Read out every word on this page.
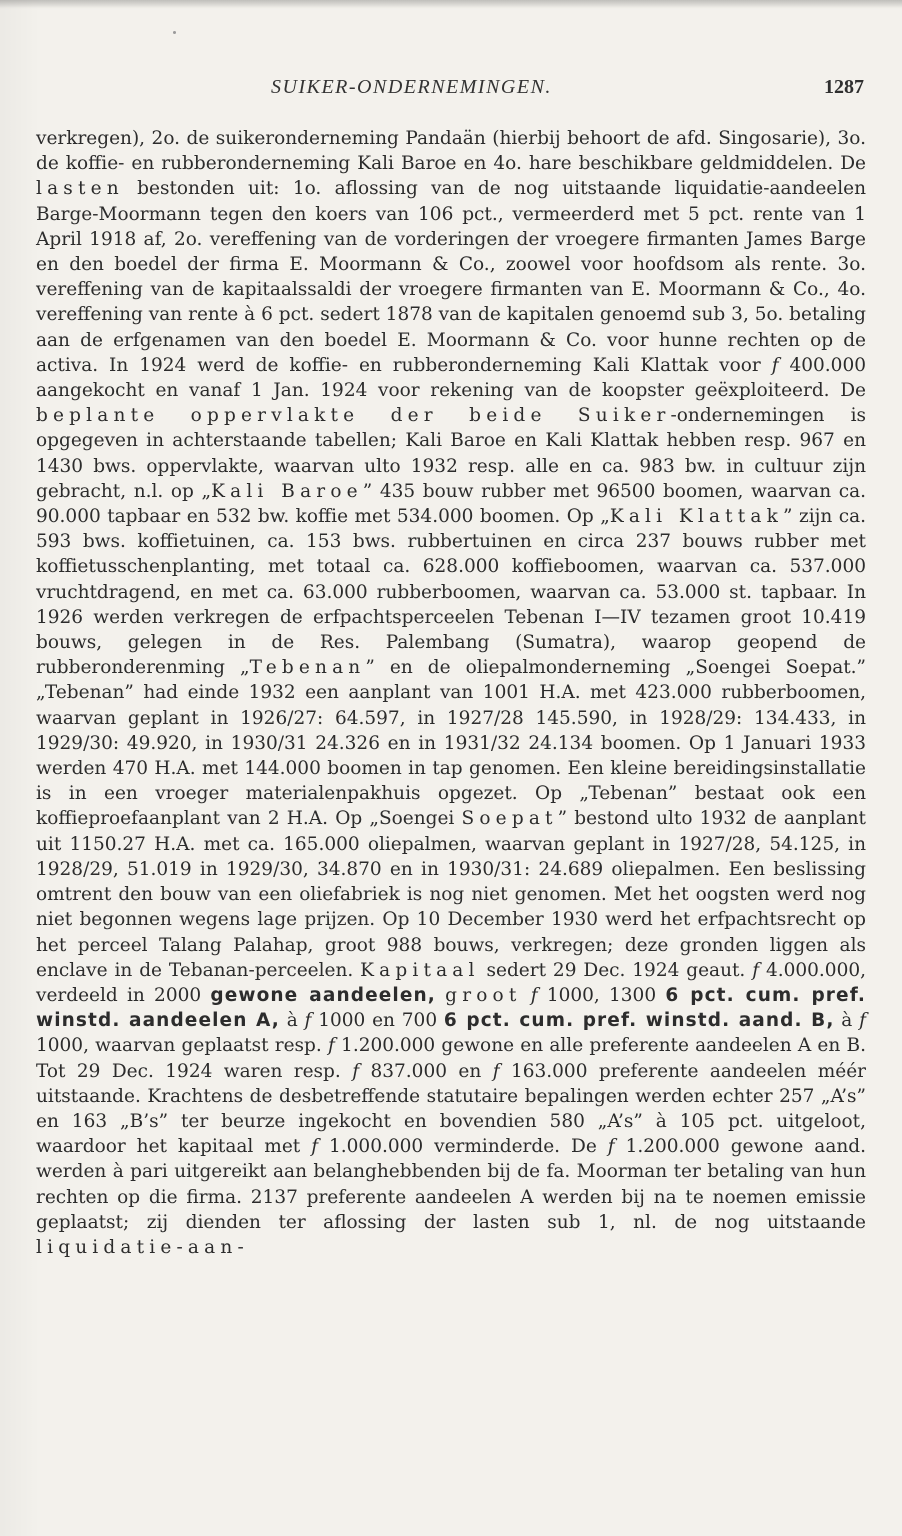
SUIKER-ONDERNEMINGEN.	1287

verkregen), 2o. de suikeronderneming Pandaän (hierbij behoort de afd. Singosarie), 3o. de koffie- en rubberonderneming Kali Baroe en 4o. hare beschikbare geldmiddelen. De lasten bestonden uit: 1o. aflossing van de nog uitstaande liquidatie-aandeelen Barge-Moormann tegen den koers van 106 pct., vermeerderd met 5 pct. rente van 1 April 1918 af, 2o. vereffening van de vorderingen der vroegere firmanten James Barge en den boedel der firma E. Moormann & Co., zoowel voor hoofdsom als rente. 3o. vereffening van de kapitaalssaldi der vroegere firmanten van E. Moormann & Co., 4o. vereffening van rente à 6 pct. sedert 1878 van de kapitalen genoemd sub 3, 5o. betaling aan de erfgenamen van den boedel E. Moormann & Co. voor hunne rechten op de activa. In 1924 werd de koffie- en rubberonderneming Kali Klattak voor f 400.000 aangekocht en vanaf 1 Jan. 1924 voor rekening van de koopster geëxploiteerd. De beplante oppervlakte der beide Suiker-ondernemingen is opgegeven in achterstaande tabellen; Kali Baroe en Kali Klattak hebben resp. 967 en 1430 bws. oppervlakte, waarvan ulto 1932 resp. alle en ca. 983 bw. in cultuur zijn gebracht, n.l. op „Kali Baroe” 435 bouw rubber met 96500 boomen, waarvan ca. 90.000 tapbaar en 532 bw. koffie met 534.000 boomen. Op „Kali Klattak” zijn ca. 593 bws. koffietuinen, ca. 153 bws. rubbertuinen en circa 237 bouws rubber met koffietusschenplanting, met totaal ca. 628.000 koffieboomen, waarvan ca. 537.000 vruchtdragend, en met ca. 63.000 rubberboomen, waarvan ca. 53.000 st. tapbaar. In 1926 werden verkregen de erfpachtsperceelen Tebenan I—IV tezamen groot 10.419 bouws, gelegen in de Res. Palembang (Sumatra), waarop geopend de rubberonderenming „Tebenan” en de oliepalmonderneming „Soengei Soepat.” „Tebenan” had einde 1932 een aanplant van 1001 H.A. met 423.000 rubberboomen, waarvan geplant in 1926/27: 64.597, in 1927/28 145.590, in 1928/29: 134.433, in 1929/30: 49.920, in 1930/31 24.326 en in 1931/32 24.134 boomen. Op 1 Januari 1933 werden 470 H.A. met 144.000 boomen in tap genomen. Een kleine bereidingsinstallatie is in een vroeger materialenpakhuis opgezet. Op „Tebenan” bestaat ook een koffieproefaanplant van 2 H.A. Op „Soengei Soepat” bestond ulto 1932 de aanplant uit 1150.27 H.A. met ca. 165.000 oliepalmen, waarvan geplant in 1927/28, 54.125, in 1928/29, 51.019 in 1929/30, 34.870 en in 1930/31: 24.689 oliepalmen. Een beslissing omtrent den bouw van een oliefabriek is nog niet genomen. Met het oogsten werd nog niet begonnen wegens lage prijzen. Op 10 December 1930 werd het erfpachtsrecht op het perceel Talang Palahap, groot 988 bouws, verkregen; deze gronden liggen als enclave in de Tebanan-perceelen. Kapitaal sedert 29 Dec. 1924 geaut. f 4.000.000, verdeeld in 2000 gewone aandeelen, groot f 1000, 1300 6 pct. cum. pref. winstd. aandeelen A, à f 1000 en 700 6 pct. cum. pref. winstd. aand. B, à f 1000, waarvan geplaatst resp. f 1.200.000 gewone en alle preferente aandeelen A en B. Tot 29 Dec. 1924 waren resp. f 837.000 en f 163.000 preferente aandeelen méér uitstaande. Krachtens de desbetreffende statutaire bepalingen werden echter 257 „A’s” en 163 „B’s” ter beurze ingekocht en bovendien 580 „A’s” à 105 pct. uitgeloot, waardoor het kapitaal met f 1.000.000 verminderde. De f 1.200.000 gewone aand. werden à pari uitgereikt aan belanghebbenden bij de fa. Moorman ter betaling van hun rechten op die firma. 2137 preferente aandeelen A werden bij na te noemen emissie geplaatst; zij dienden ter aflossing der lasten sub 1, nl. de nog uitstaande liquidatie-aan-
